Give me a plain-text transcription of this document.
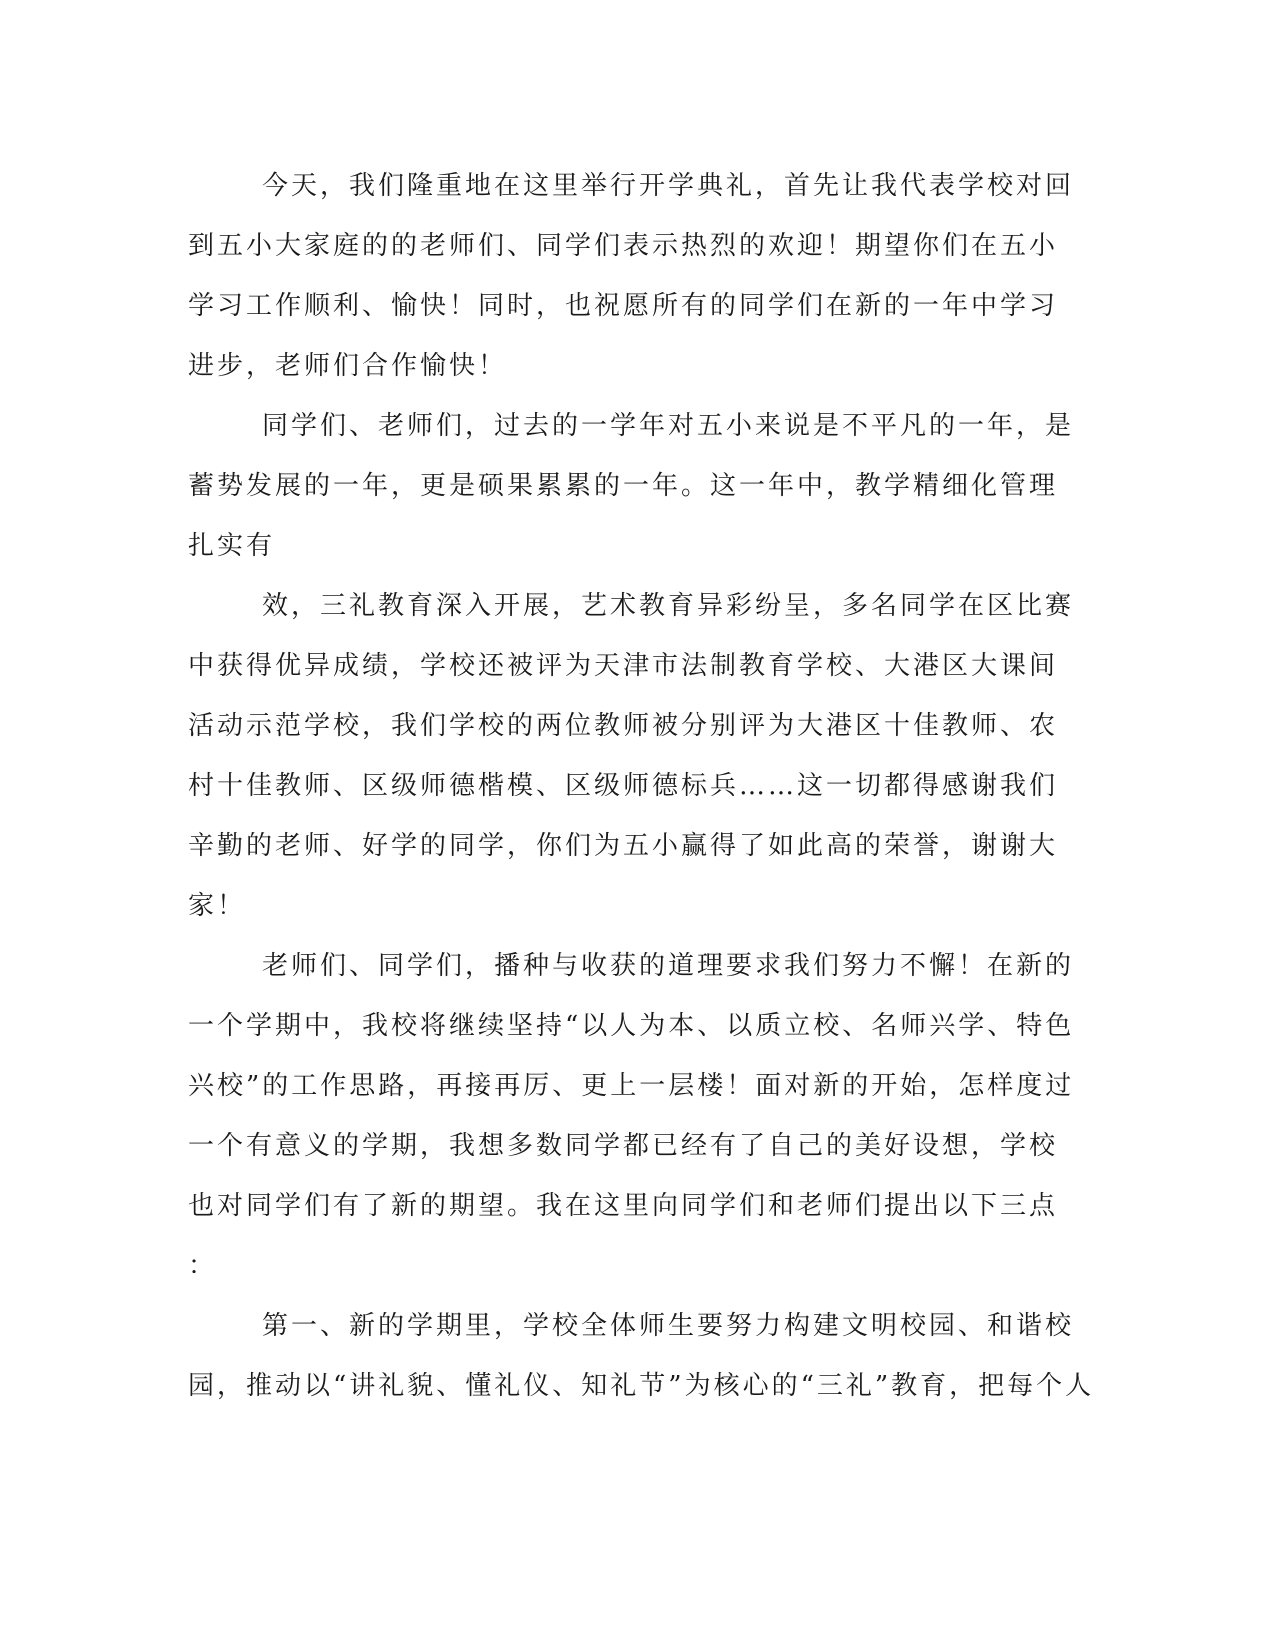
今天，我们隆重地在这里举行开学典礼，首先让我代表学校对回
到五小大家庭的的老师们、同学们表示热烈的欢迎！期望你们在五小
学习工作顺利、愉快！同时，也祝愿所有的同学们在新的一年中学习
进步，老师们合作愉快！
同学们、老师们，过去的一学年对五小来说是不平凡的一年，是
蓄势发展的一年，更是硕果累累的一年。这一年中，教学精细化管理
扎实有
效，三礼教育深入开展，艺术教育异彩纷呈，多名同学在区比赛
中获得优异成绩，学校还被评为天津市法制教育学校、大港区大课间
活动示范学校，我们学校的两位教师被分别评为大港区十佳教师、农
村十佳教师、区级师德楷模、区级师德标兵……这一切都得感谢我们
辛勤的老师、好学的同学，你们为五小赢得了如此高的荣誉，谢谢大
家！
老师们、同学们，播种与收获的道理要求我们努力不懈！在新的
一个学期中，我校将继续坚持“以人为本、以质立校、名师兴学、特色
兴校”的工作思路，再接再厉、更上一层楼！面对新的开始，怎样度过
一个有意义的学期，我想多数同学都已经有了自己的美好设想，学校
也对同学们有了新的期望。我在这里向同学们和老师们提出以下三点
：
第一、新的学期里，学校全体师生要努力构建文明校园、和谐校
园，推动以“讲礼貌、懂礼仪、知礼节”为核心的“三礼”教育，把每个人
